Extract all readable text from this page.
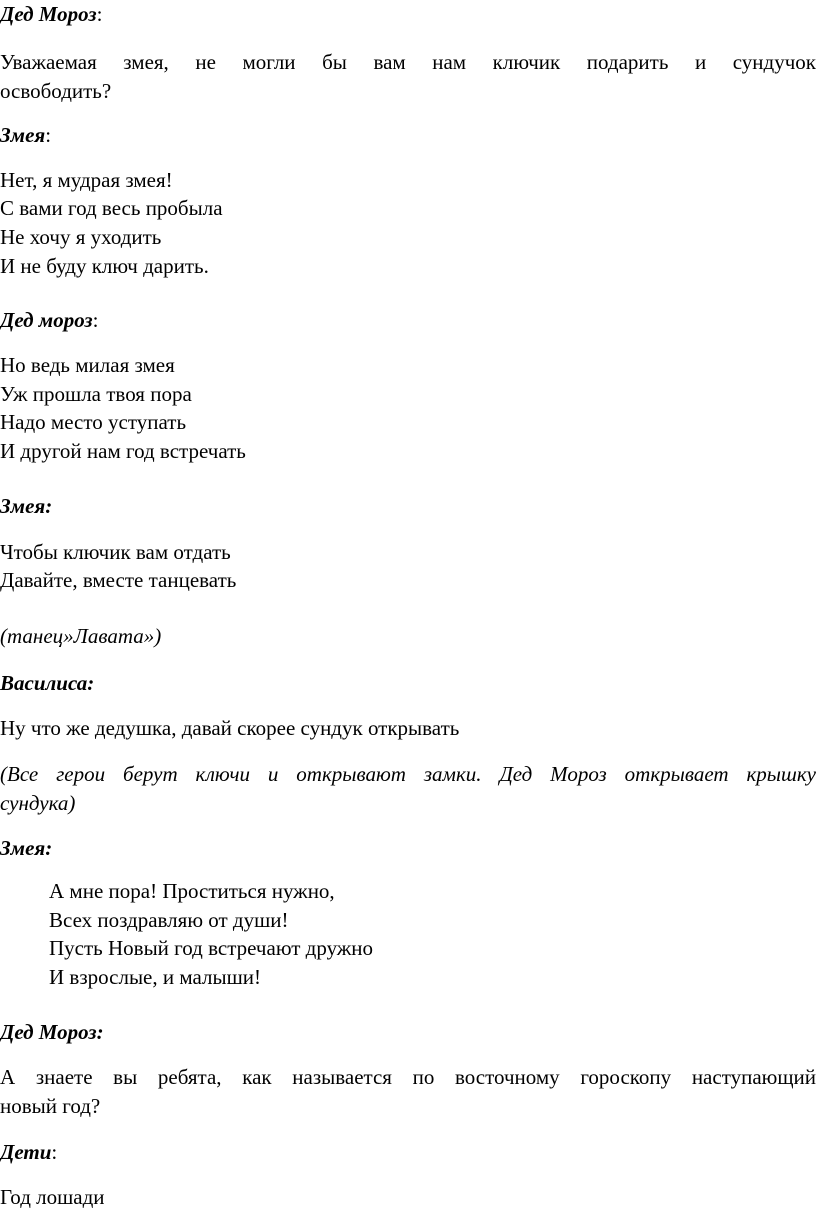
Дед Мороз:
Уважаемая змея, не могли бы вам нам ключик подарить и сундучок
освободить?
Змея:
Нет, я мудрая змея!
С вами год весь пробыла
Не хочу я уходить
И не буду ключ дарить.
Дед мороз:
Но ведь милая змея
Уж прошла твоя пора
Надо место уступать
И другой нам год встречать
Змея:
Чтобы ключик вам отдать
Давайте, вместе танцевать
(танец»Лавата»)
Василиса:
Ну что же дедушка, давай скорее сундук открывать
(Все герои берут ключи и открывают замки. Дед Мороз открывает крышку
сундука)
Змея:
А мне пора! Проститься нужно,
Всех поздравляю от души!
Пусть Новый год встречают дружно
И взрослые, и малыши!
Дед Мороз:
А знаете вы ребята, как называется по восточному гороскопу наступающий
новый год?
Дети:
Год лошади
